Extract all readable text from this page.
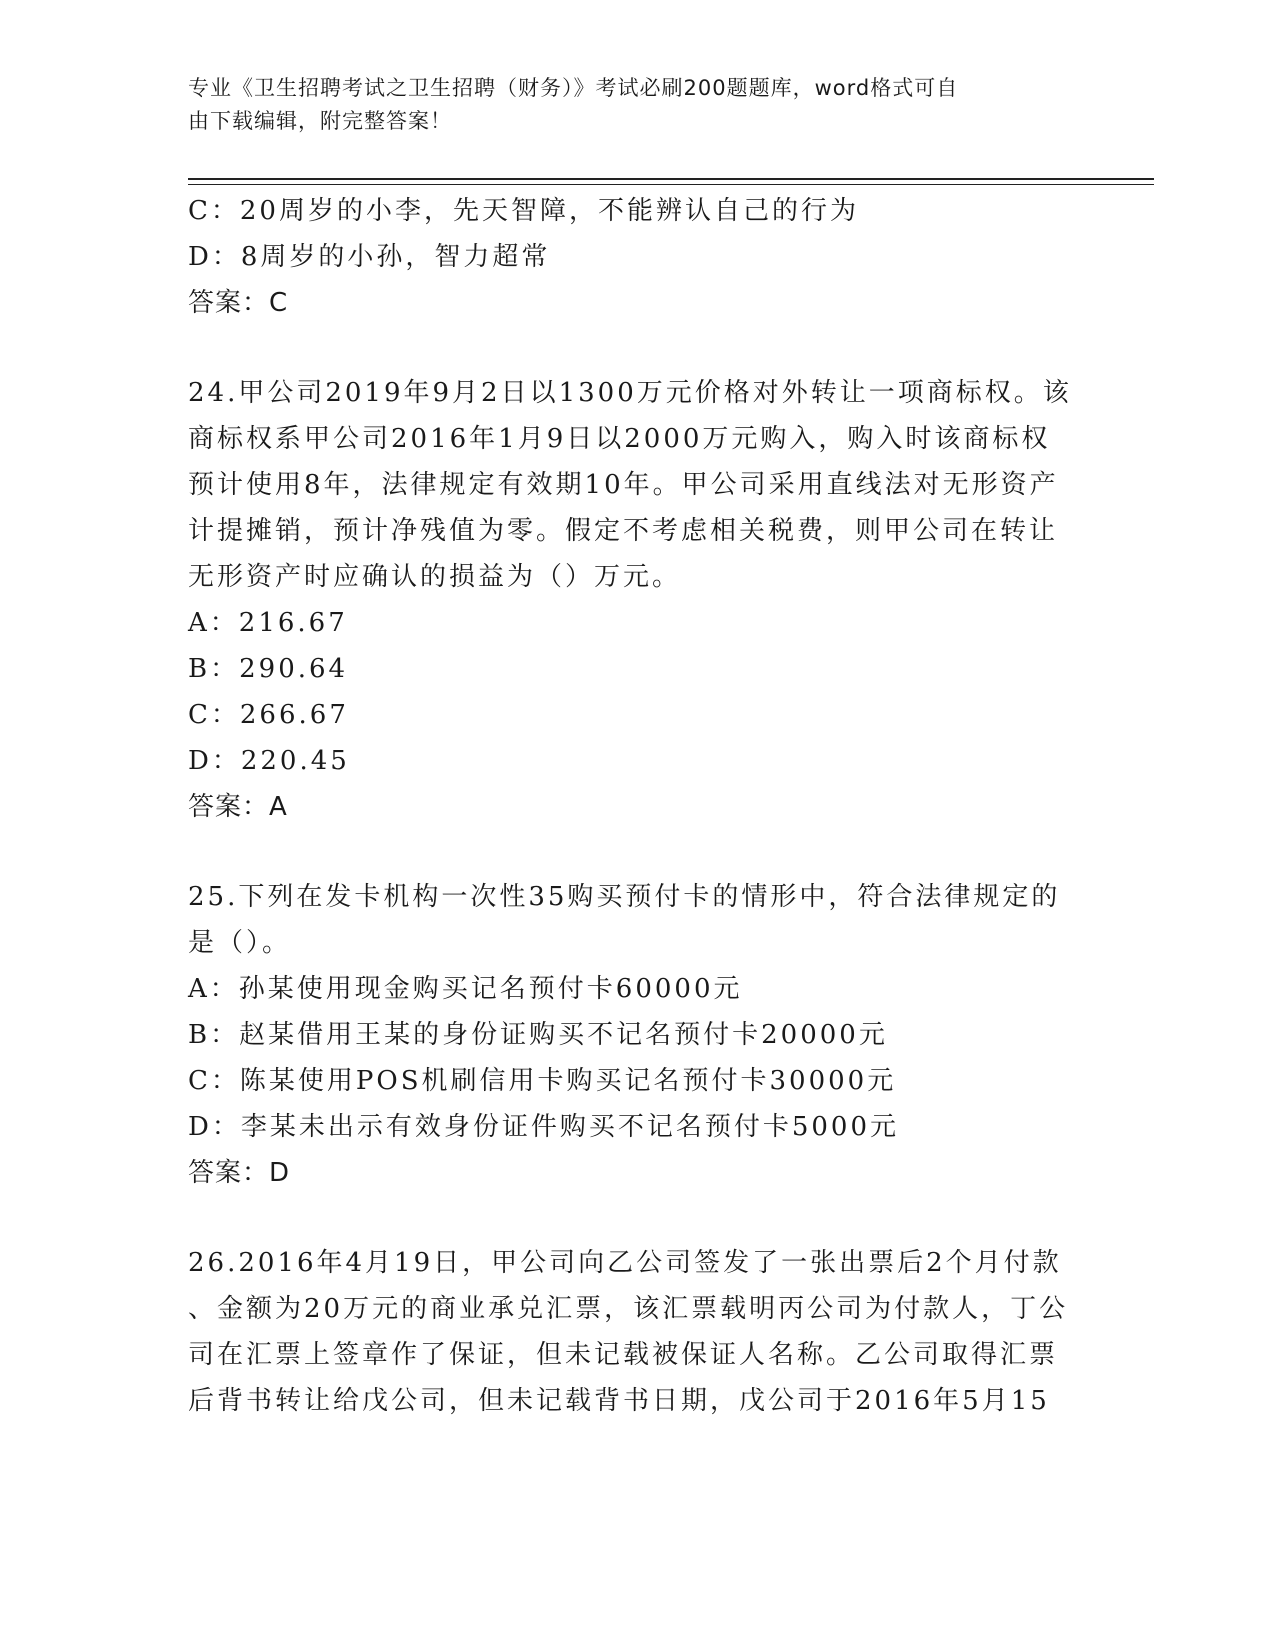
专业《卫生招聘考试之卫生招聘（财务）》考试必刷200题题库，word格式可自
由下载编辑，附完整答案！
C：20周岁的小李，先天智障，不能辨认自己的行为
D：8周岁的小孙，智力超常
答案：C
24.甲公司2019年9月2日以1300万元价格对外转让一项商标权。该
商标权系甲公司2016年1月9日以2000万元购入，购入时该商标权
预计使用8年，法律规定有效期10年。甲公司采用直线法对无形资产
计提摊销，预计净残值为零。假定不考虑相关税费，则甲公司在转让
无形资产时应确认的损益为（）万元。
A：216.67
B：290.64
C：266.67
D：220.45
答案：A
25.下列在发卡机构一次性35购买预付卡的情形中，符合法律规定的
是（）。
A：孙某使用现金购买记名预付卡60000元
B：赵某借用王某的身份证购买不记名预付卡20000元
C：陈某使用POS机刷信用卡购买记名预付卡30000元
D：李某未出示有效身份证件购买不记名预付卡5000元
答案：D
26.2016年4月19日，甲公司向乙公司签发了一张出票后2个月付款
、金额为20万元的商业承兑汇票，该汇票载明丙公司为付款人，丁公
司在汇票上签章作了保证，但未记载被保证人名称。乙公司取得汇票
后背书转让给戊公司，但未记载背书日期，戊公司于2016年5月15
